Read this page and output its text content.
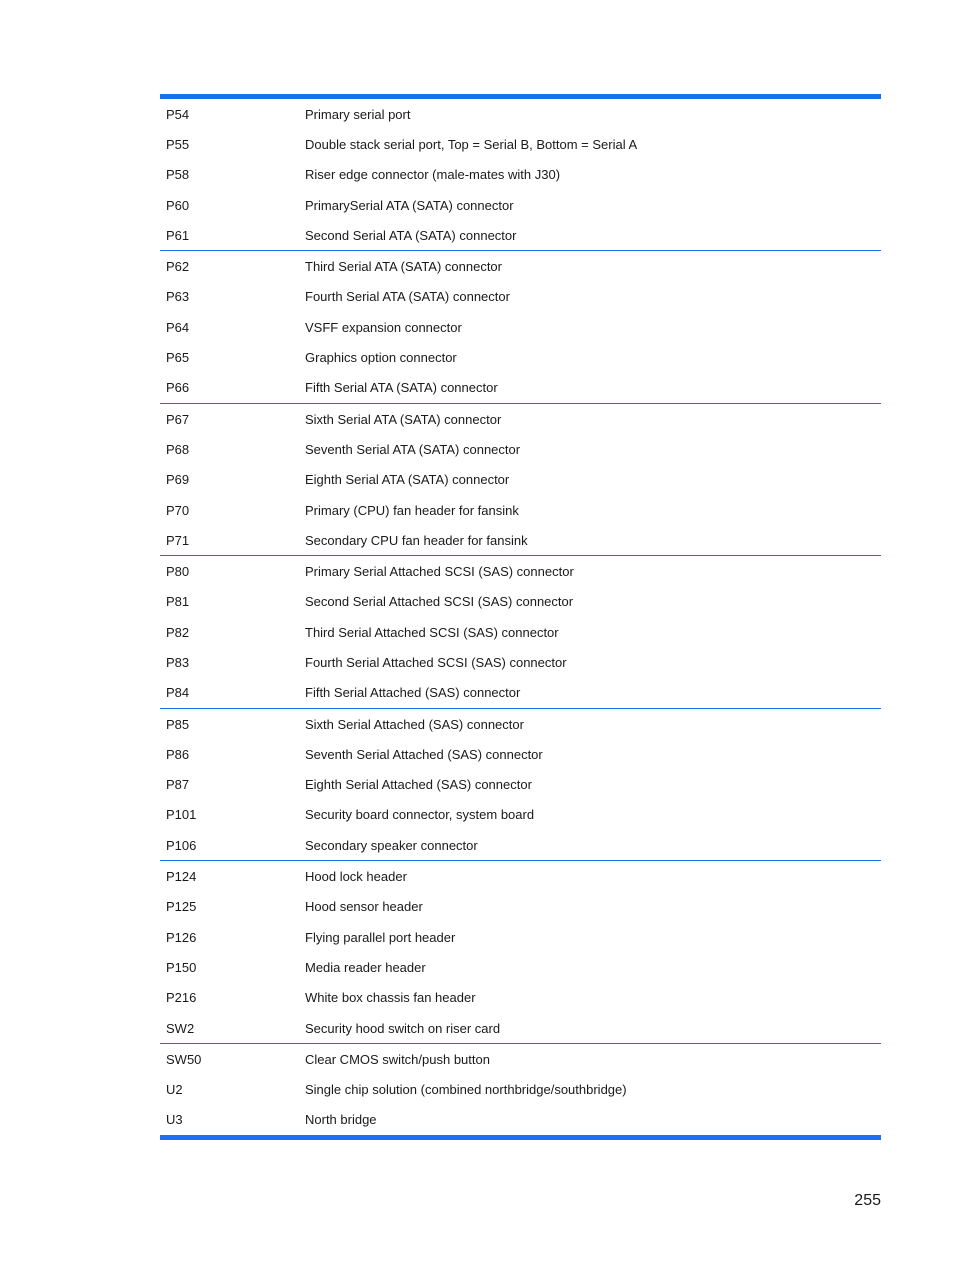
P54	Primary serial port
P55	Double stack serial port, Top = Serial B, Bottom = Serial A
P58	Riser edge connector (male-mates with J30)
P60	PrimarySerial ATA (SATA) connector
P61	Second Serial ATA (SATA) connector
P62	Third Serial ATA (SATA) connector
P63	Fourth Serial ATA (SATA) connector
P64	VSFF expansion connector
P65	Graphics option connector
P66	Fifth Serial ATA (SATA) connector
P67	Sixth Serial ATA (SATA) connector
P68	Seventh Serial ATA (SATA) connector
P69	Eighth Serial ATA (SATA) connector
P70	Primary (CPU) fan header for fansink
P71	Secondary CPU fan header for fansink
P80	Primary Serial Attached SCSI (SAS) connector
P81	Second Serial Attached SCSI (SAS) connector
P82	Third Serial Attached SCSI (SAS) connector
P83	Fourth Serial Attached SCSI (SAS) connector
P84	Fifth Serial Attached (SAS) connector
P85	Sixth Serial Attached (SAS) connector
P86	Seventh Serial Attached (SAS) connector
P87	Eighth Serial Attached (SAS) connector
P101	Security board connector, system board
P106	Secondary speaker connector
P124	Hood lock header
P125	Hood sensor header
P126	Flying parallel port header
P150	Media reader header
P216	White box chassis fan header
SW2	Security hood switch on riser card
SW50	Clear CMOS switch/push button
U2	Single chip solution (combined northbridge/southbridge)
U3	North bridge
255
